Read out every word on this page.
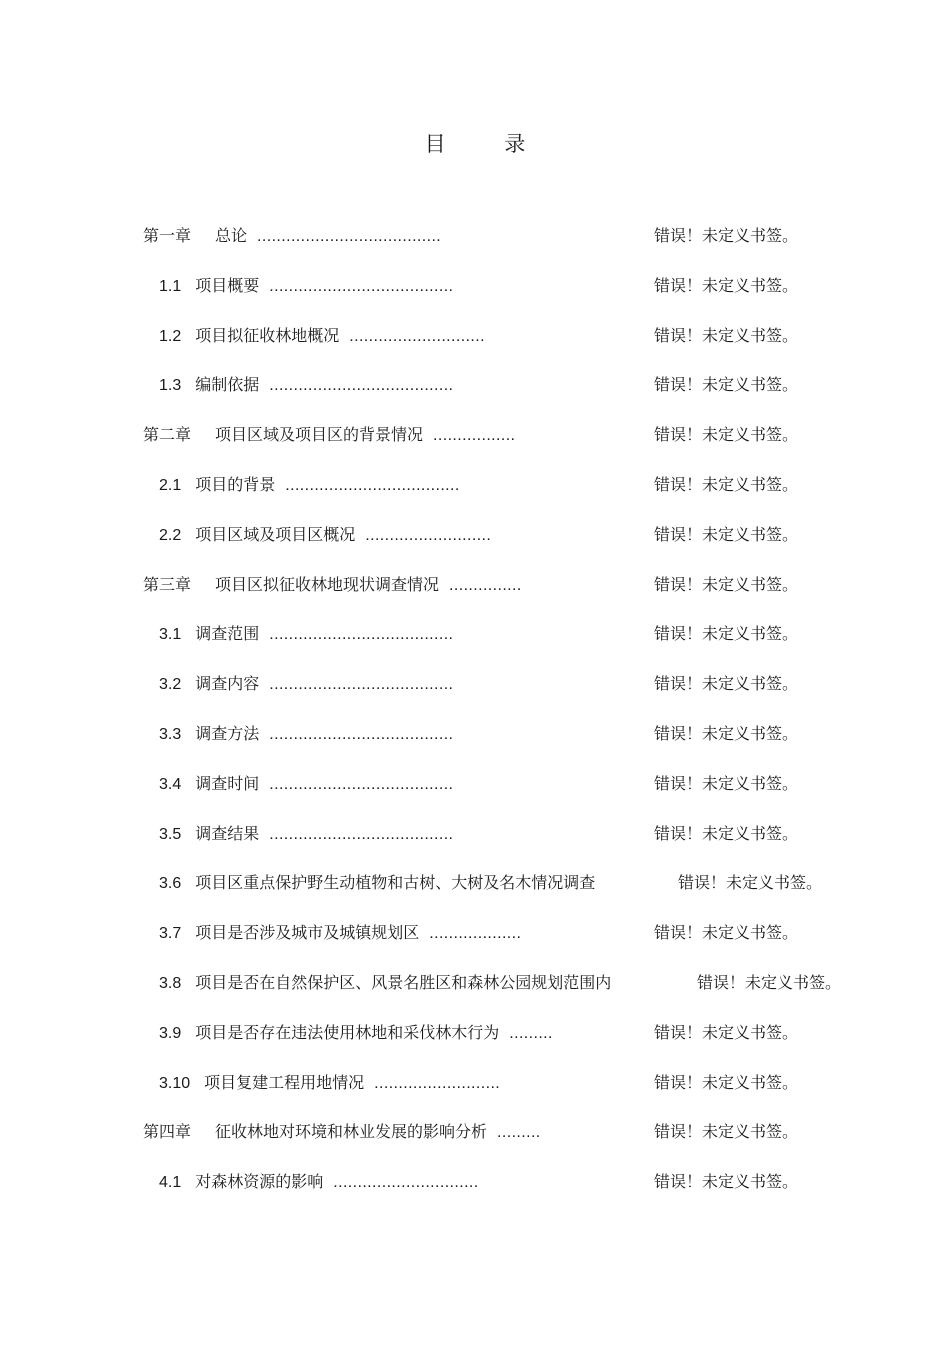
目 录
第一章 总论 ......................................	错误！未定义书签。
1.1 项目概要 ......................................	错误！未定义书签。
1.2 项目拟征收林地概况 ............................	错误！未定义书签。
1.3 编制依据 ......................................	错误！未定义书签。
第二章 项目区域及项目区的背景情况 .................	错误！未定义书签。
2.1 项目的背景 ....................................	错误！未定义书签。
2.2 项目区域及项目区概况 ..........................	错误！未定义书签。
第三章 项目区拟征收林地现状调查情况 ...............	错误！未定义书签。
3.1 调查范围 ......................................	错误！未定义书签。
3.2 调查内容 ......................................	错误！未定义书签。
3.3 调查方法 ......................................	错误！未定义书签。
3.4 调查时间 ......................................	错误！未定义书签。
3.5 调查结果 ......................................	错误！未定义书签。
3.6 项目区重点保护野生动植物和古树、大树及名木情况调查	错误！未定义书签。
3.7 项目是否涉及城市及城镇规划区 ...................	错误！未定义书签。
3.8 项目是否在自然保护区、风景名胜区和森林公园规划范围内	错误！未定义书签。
3.9 项目是否存在违法使用林地和采伐林木行为 .........	错误！未定义书签。
3.10 项目复建工程用地情况 ..........................	错误！未定义书签。
第四章 征收林地对环境和林业发展的影响分析 .........	错误！未定义书签。
4.1 对森林资源的影响 ..............................	错误！未定义书签。
